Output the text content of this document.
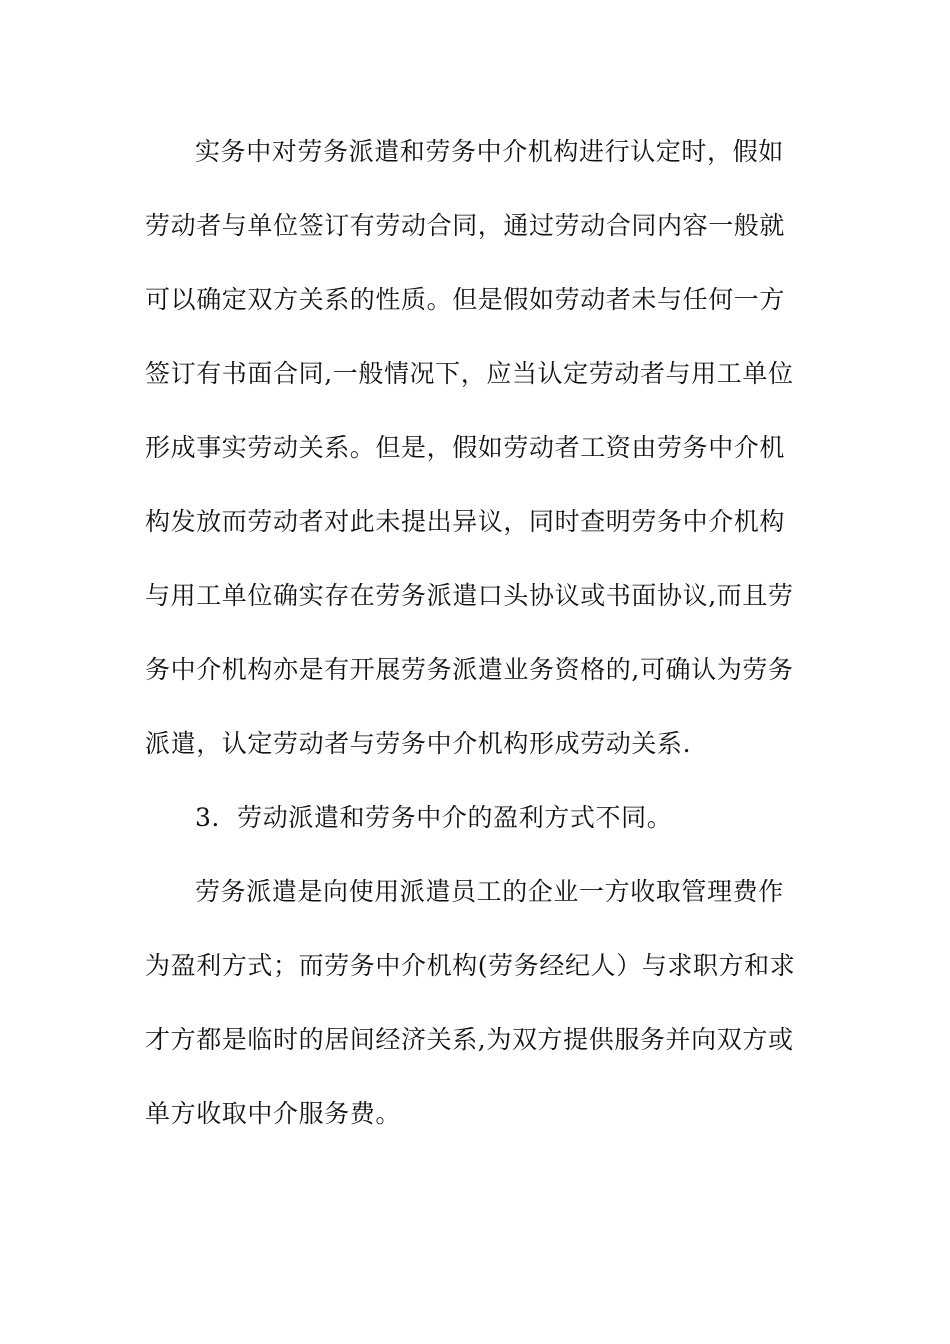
实务中对劳务派遣和劳务中介机构进行认定时，假如
劳动者与单位签订有劳动合同，通过劳动合同内容一般就
可以确定双方关系的性质。但是假如劳动者未与任何一方
签订有书面合同,一般情况下，应当认定劳动者与用工单位
形成事实劳动关系。但是，假如劳动者工资由劳务中介机
构发放而劳动者对此未提出异议，同时查明劳务中介机构
与用工单位确实存在劳务派遣口头协议或书面协议,而且劳
务中介机构亦是有开展劳务派遣业务资格的,可确认为劳务
派遣，认定劳动者与劳务中介机构形成劳动关系.
3．劳动派遣和劳务中介的盈利方式不同。
劳务派遣是向使用派遣员工的企业一方收取管理费作
为盈利方式；而劳务中介机构(劳务经纪人）与求职方和求
才方都是临时的居间经济关系,为双方提供服务并向双方或
单方收取中介服务费。
